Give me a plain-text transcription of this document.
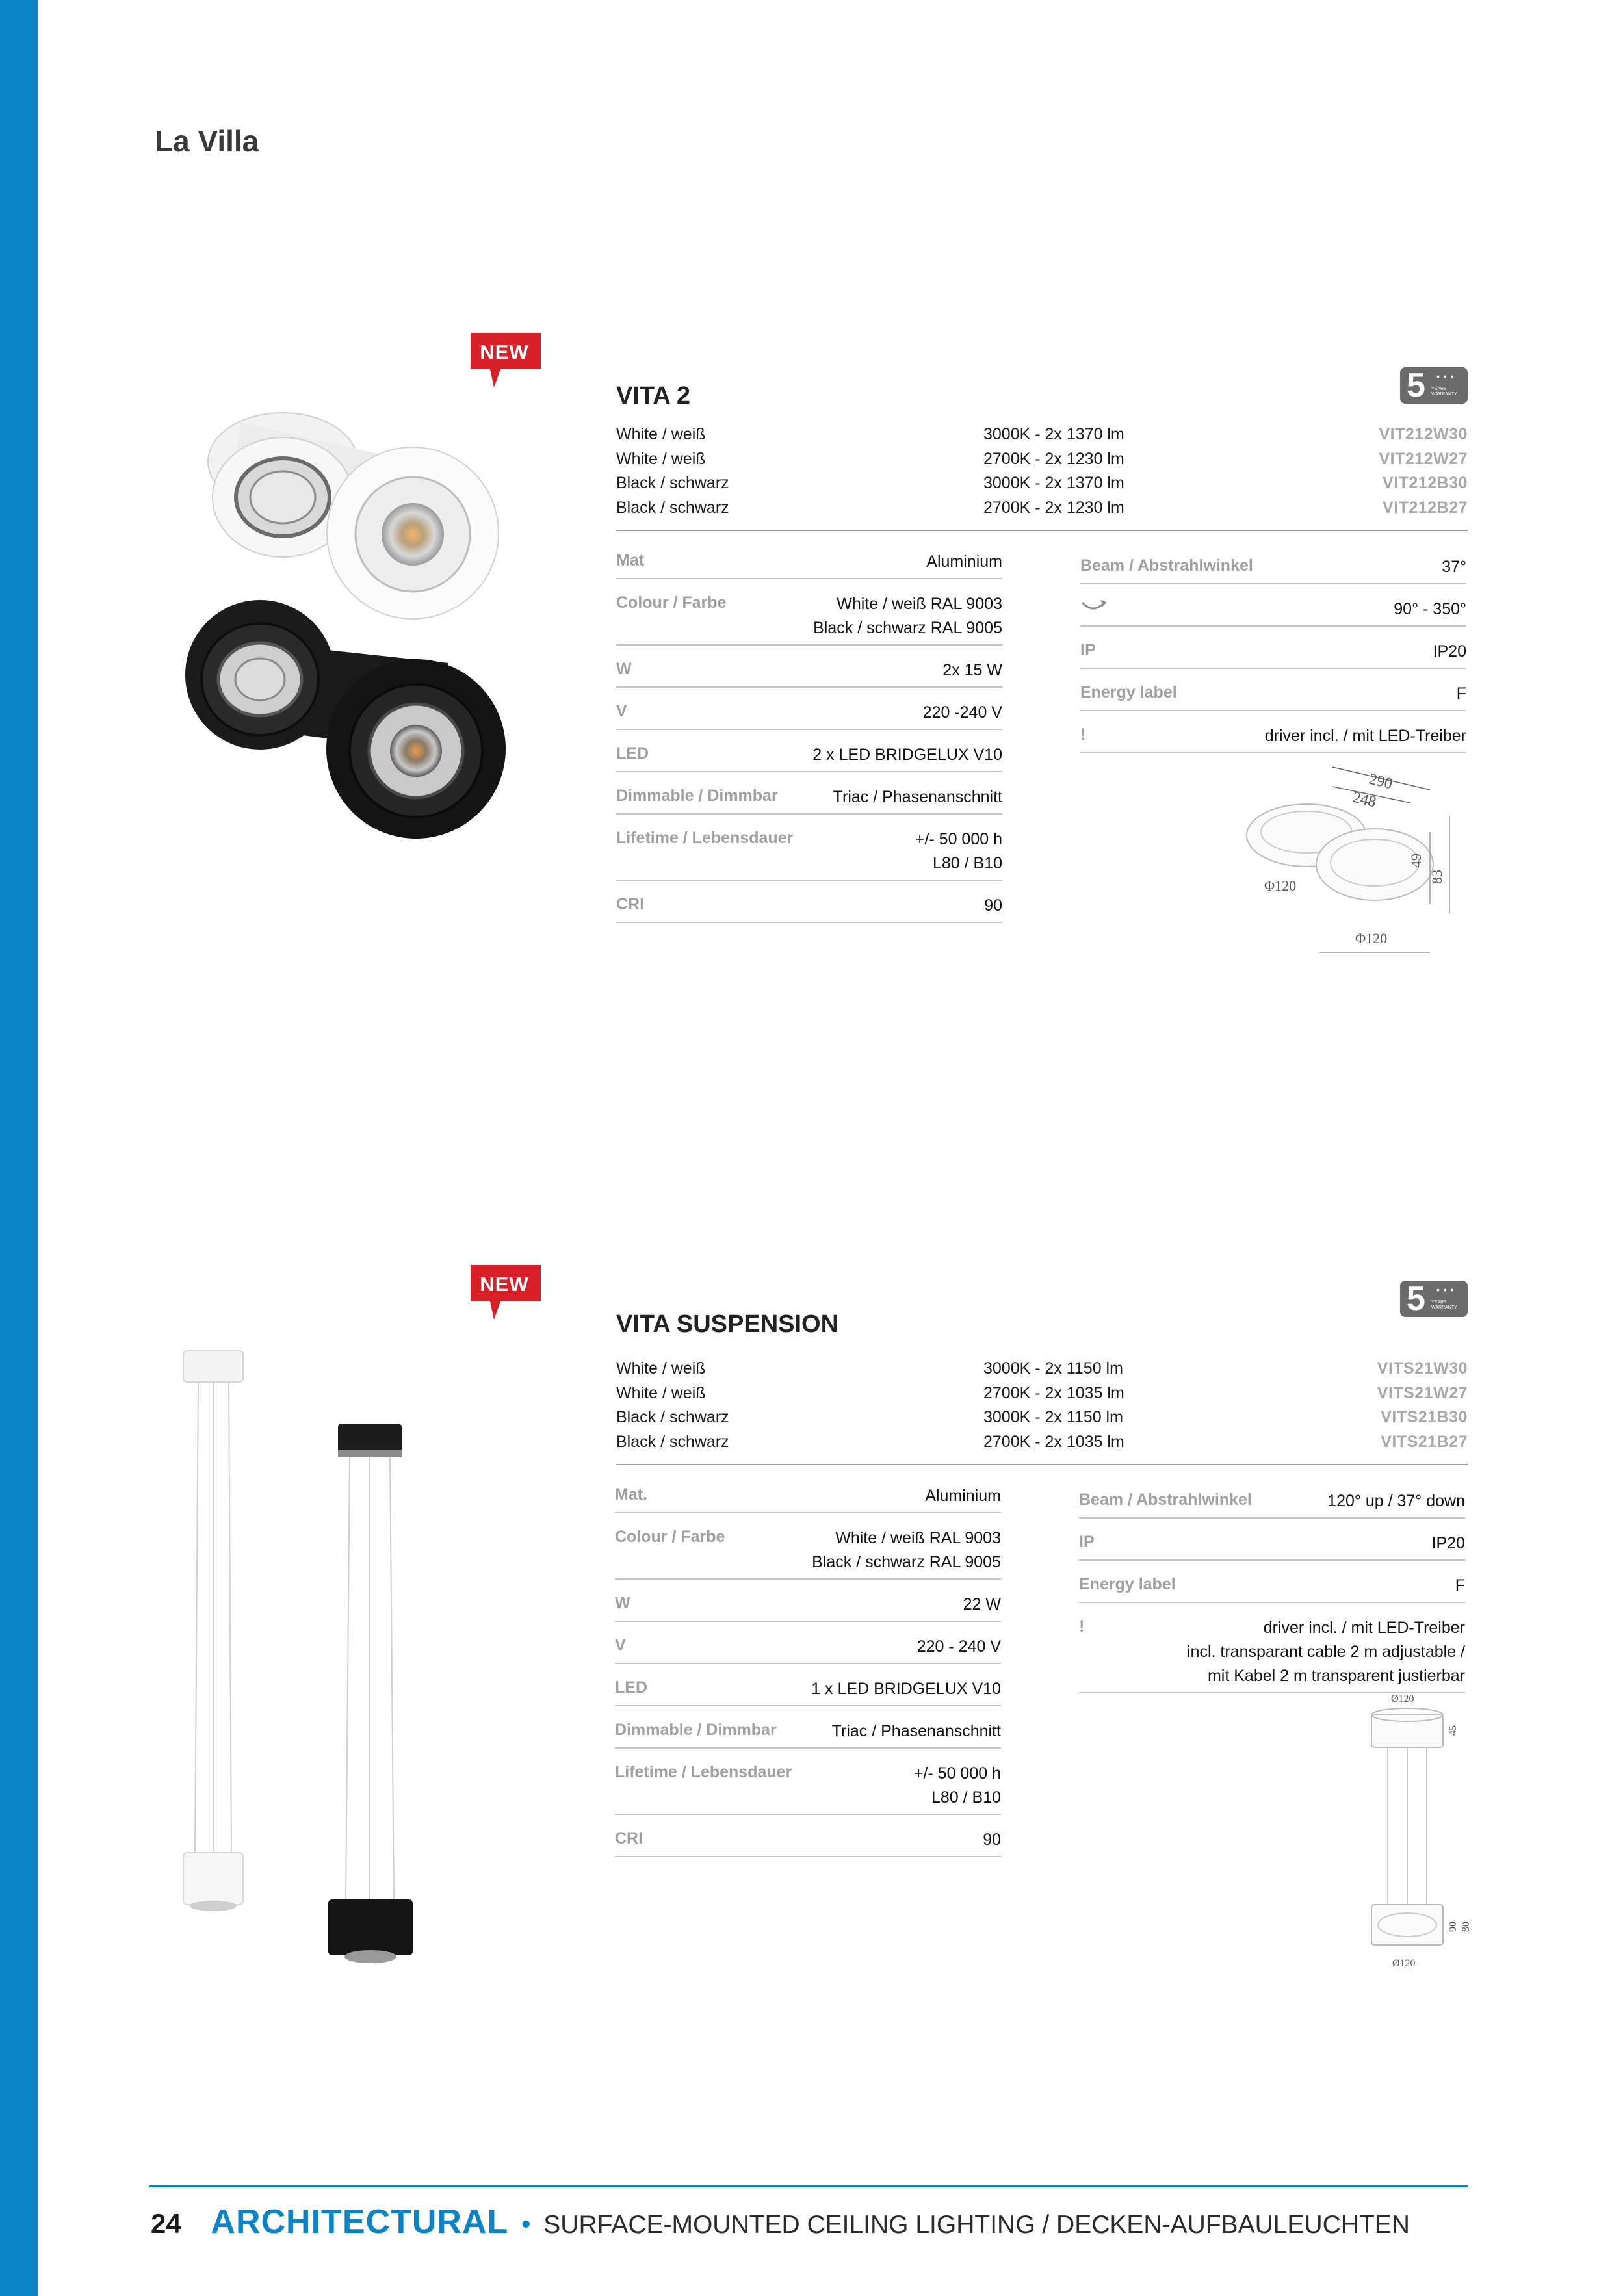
La Villa
NEW
5 • • •
YEARS WARRANTY
VITA 2
White / weiß	3000K - 2x 1370 lm	VIT212W30
White / weiß	2700K - 2x 1230 lm	VIT212W27
Black / schwarz	3000K - 2x 1370 lm	VIT212B30
Black / schwarz	2700K - 2x 1230 lm	VIT212B27
Mat	Aluminium
Colour / Farbe	White / weiß RAL 9003
Black / schwarz RAL 9005
W	2x 15 W
V	220 -240 V
LED	2 x LED BRIDGELUX V10
Dimmable / Dimmbar	Triac / Phasenanschnitt
Lifetime / Lebensdauer	+/- 50 000 h
L80 / B10
CRI	90
Beam / Abstrahlwinkel	37°
90° - 350°
IP	IP20
Energy label	F
!	driver incl. / mit LED-Treiber
290
248
49
83
Φ120
Φ120
NEW	5 • • •
YEARS WARRANTY
VITA SUSPENSION
White / weiß	3000K - 2x 1150 lm	VITS21W30
White / weiß	2700K - 2x 1035 lm	VITS21W27
Black / schwarz	3000K - 2x 1150 lm	VITS21B30
Black / schwarz	2700K - 2x 1035 lm	VITS21B27
Mat.	Aluminium
Colour / Farbe	White / weiß RAL 9003
Black / schwarz RAL 9005
W	22 W
V	220 - 240 V
LED	1 x LED BRIDGELUX V10
Dimmable / Dimmbar	Triac / Phasenanschnitt
Lifetime / Lebensdauer	+/- 50 000 h
L80 / B10
CRI	90
Beam / Abstrahlwinkel	120° up / 37° down
IP	IP20
Energy label	F
!	driver incl. / mit LED-Treiber
incl. transparant cable 2 m adjustable /
mit Kabel 2 m transparent justierbar
Ø120
45
90 80
Ø120
24 ARCHITECTURAL • SURFACE-MOUNTED CEILING LIGHTING / DECKEN-AUFBAULEUCHTEN
